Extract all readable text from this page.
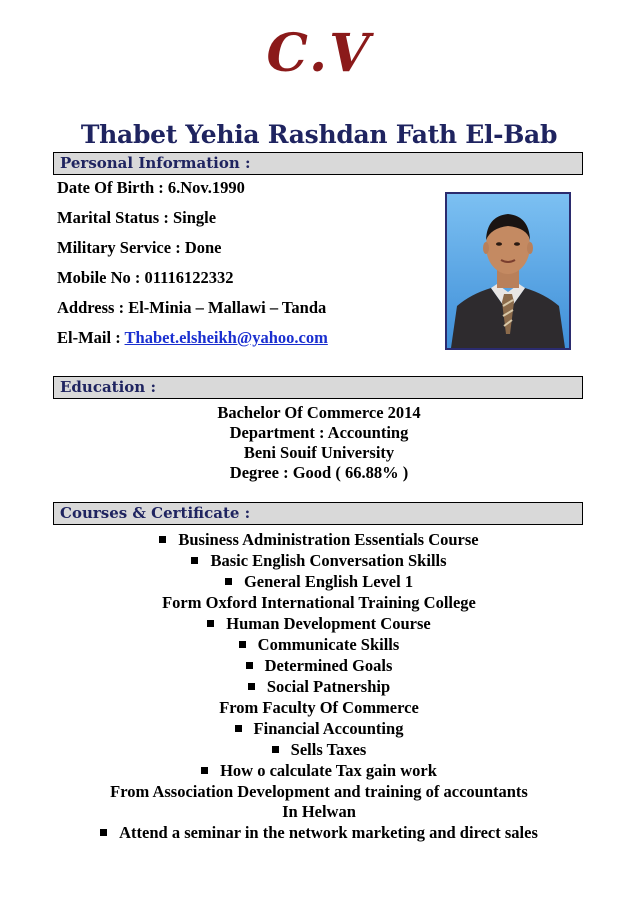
C.V
Thabet Yehia Rashdan Fath El-Bab
Personal Information :
Date Of Birth : 6.Nov.1990
Marital Status : Single
Military Service : Done
Mobile No : 01116122332
Address : El-Minia – Mallawi – Tanda
El-Mail : Thabet.elsheikh@yahoo.com
Education :
Bachelor Of Commerce 2014
Department : Accounting
Beni Souif University
Degree : Good ( 66.88% )
Courses & Certificate :
Business Administration Essentials Course
Basic English Conversation Skills
General English Level 1
Form Oxford International Training College
Human Development Course
Communicate Skills
Determined Goals
Social Patnership
From Faculty Of Commerce
Financial Accounting
Sells Taxes
How o calculate Tax gain work
From Association Development and training of accountants
In Helwan
Attend a seminar in the network marketing and direct sales
